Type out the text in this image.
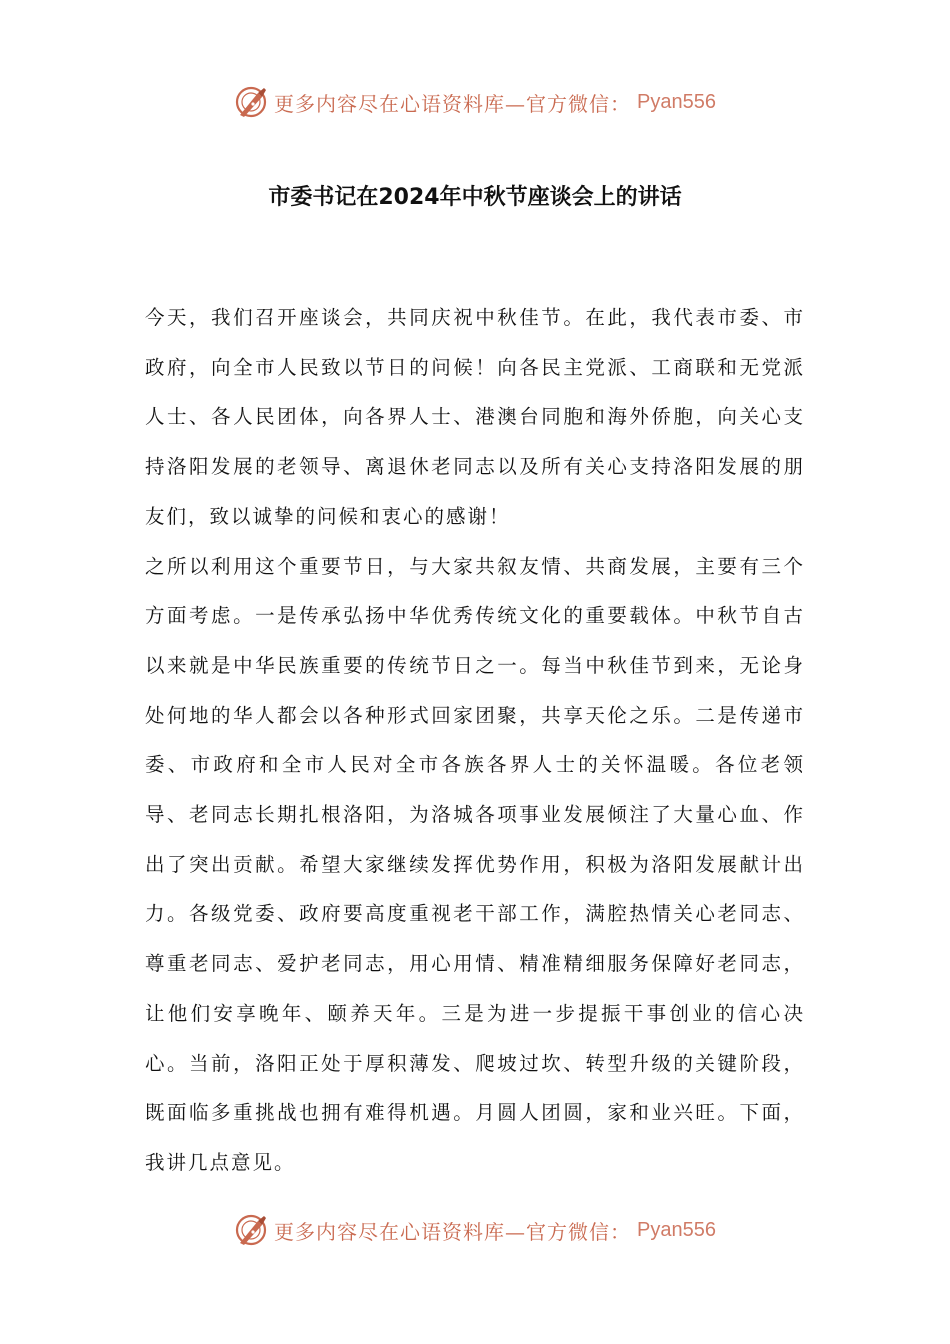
更多内容尽在心语资料库—官方微信： Pyan556
市委书记在2024年中秋节座谈会上的讲话

今天，我们召开座谈会，共同庆祝中秋佳节。在此，我代表市委、市政府，向全市人民致以节日的问候！向各民主党派、工商联和无党派人士、各人民团体，向各界人士、港澳台同胞和海外侨胞，向关心支持洛阳发展的老领导、离退休老同志以及所有关心支持洛阳发展的朋友们，致以诚挚的问候和衷心的感谢！

之所以利用这个重要节日，与大家共叙友情、共商发展，主要有三个方面考虑。一是传承弘扬中华优秀传统文化的重要载体。中秋节自古以来就是中华民族重要的传统节日之一。每当中秋佳节到来，无论身处何地的华人都会以各种形式回家团聚，共享天伦之乐。二是传递市委、市政府和全市人民对全市各族各界人士的关怀温暖。各位老领导、老同志长期扎根洛阳，为洛城各项事业发展倾注了大量心血、作出了突出贡献。希望大家继续发挥优势作用，积极为洛阳发展献计出力。各级党委、政府要高度重视老干部工作，满腔热情关心老同志、尊重老同志、爱护老同志，用心用情、精准精细服务保障好老同志，让他们安享晚年、颐养天年。三是为进一步提振干事创业的信心决心。当前，洛阳正处于厚积薄发、爬坡过坎、转型升级的关键阶段，既面临多重挑战也拥有难得机遇。月圆人团圆，家和业兴旺。下面，我讲几点意见。

更多内容尽在心语资料库—官方微信： Pyan556
